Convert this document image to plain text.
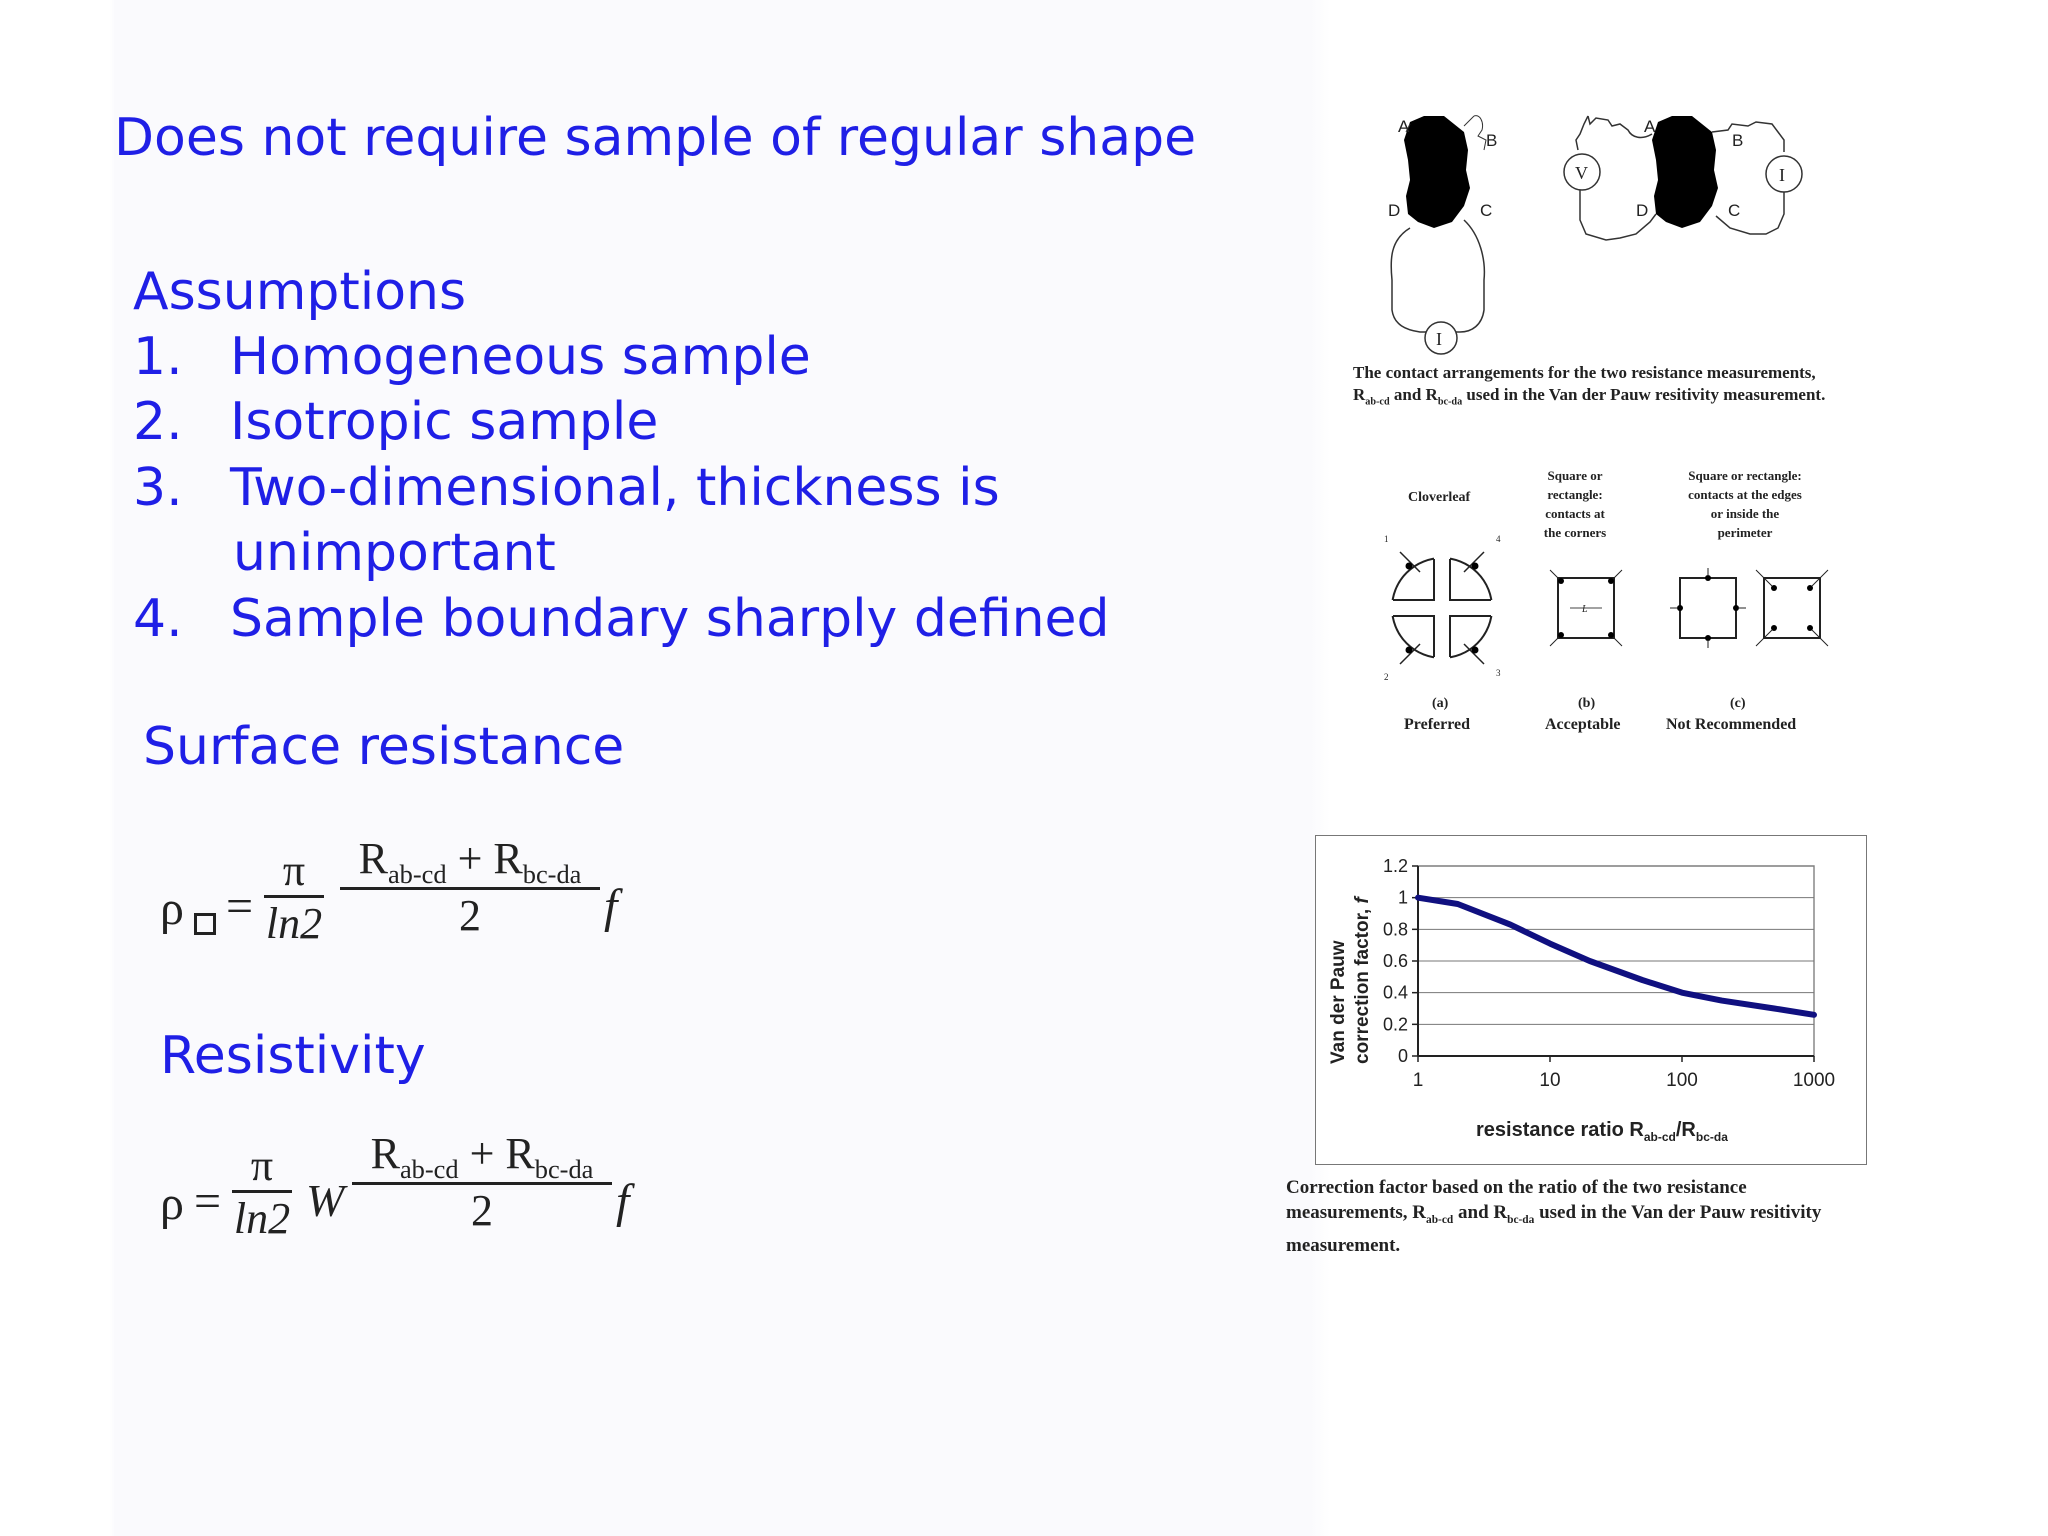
Does not require sample of regular shape
Assumptions
1. Homogeneous sample
2. Isotropic sample
3. Two-dimensional, thickness is
unimportant
4. Sample boundary sharply defined
Surface resistance
ρ =
π
ln2
$R_{ab-cd} + R_{bc-da}$
2	f
Resistivity
ρ =
π
ln2 W
$R_{ab-cd} + R_{bc-da}$
2	f
I
A
B
D	C
V	I
A
B
D	C
The contact arrangements for the two resistance measurements,
$R_{ab-cd}$ and $R_{bc-da}$ used in the Van der Pauw resitivity measurement.
Cloverleaf
Square or
rectangle:
contacts at
the corners
Square or rectangle:
contacts at the edges
or inside the
perimeter
1	4
2	3
L
(a)
Preferred
(b)
Acceptable
(c)
Not Recommended
Van der Pauw correction factor, f
resistance ratio $R_{ab-cd}/R_{bc-da}$
0
0.2
0.4
0.6
0.8
1
1.2
1	10	100	1000
Correction factor based on the ratio of the two resistance
measurements, $R_{ab-cd}$ and $R_{bc-da}$ used in the Van der Pauw resitivity
measurement.
